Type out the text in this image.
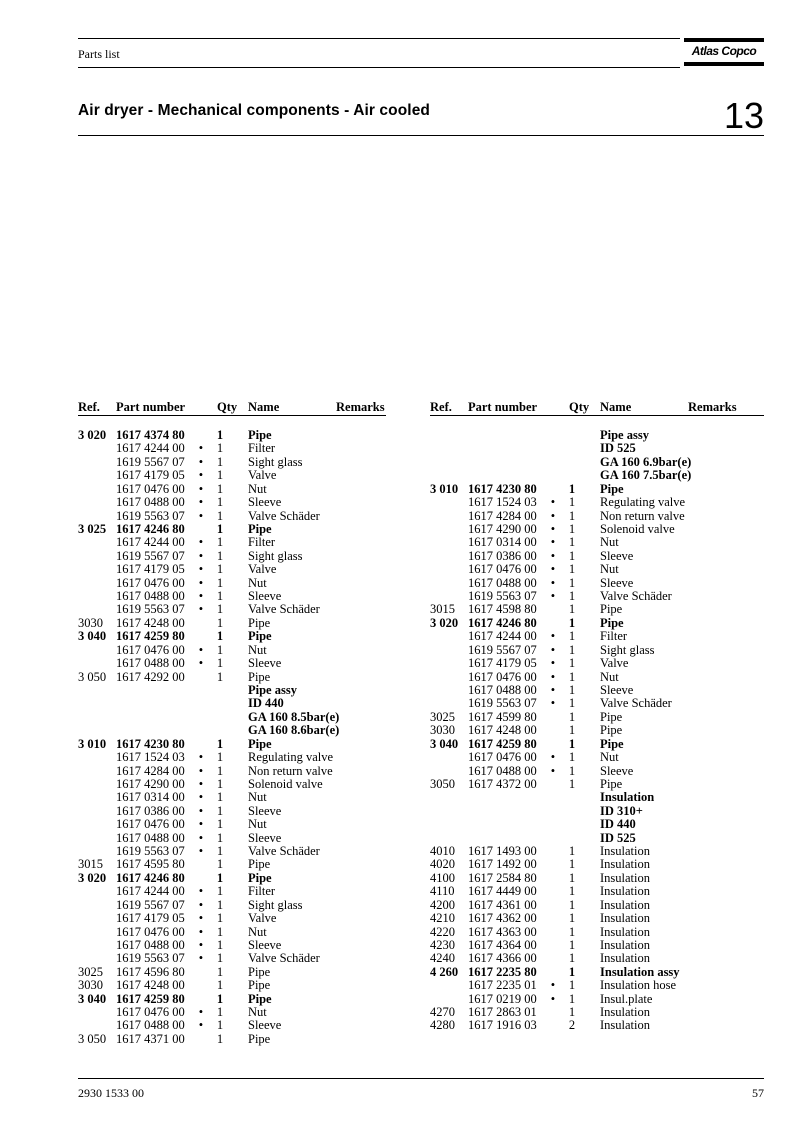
Parts list	Atlas Copco
Air dryer - Mechanical components - Air cooled	13
Ref. Part number	Qty Name	Remarks	Ref. Part number	Qty Name	Remarks
3 020 1617 4374 80	1	Pipe
1617 4244 00 •	1	Filter
1619 5567 07 •	1	Sight glass
1617 4179 05 •	1	Valve
1617 0476 00 •	1	Nut
1617 0488 00 •	1	Sleeve
1619 5563 07 •	1	Valve Schäder
3 025 1617 4246 80	1	Pipe
1617 4244 00 •	1	Filter
1619 5567 07 •	1	Sight glass
1617 4179 05 •	1	Valve
1617 0476 00 •	1	Nut
1617 0488 00 •	1	Sleeve
1619 5563 07 •	1	Valve Schäder
3030 1617 4248 00	1	Pipe
3 040 1617 4259 80	1	Pipe
1617 0476 00 •	1	Nut
1617 0488 00 •	1	Sleeve
3 050 1617 4292 00	1	Pipe
Pipe assy
ID 440
GA 160 8.5bar(e)
GA 160 8.6bar(e)
3 010 1617 4230 80	1	Pipe
1617 1524 03 •	1	Regulating valve
1617 4284 00 •	1	Non return valve
1617 4290 00 •	1	Solenoid valve
1617 0314 00 •	1	Nut
1617 0386 00 •	1	Sleeve
1617 0476 00 •	1	Nut
1617 0488 00 •	1	Sleeve
1619 5563 07 •	1	Valve Schäder
3015 1617 4595 80	1	Pipe
3 020 1617 4246 80	1	Pipe
1617 4244 00 •	1	Filter
1619 5567 07 •	1	Sight glass
1617 4179 05 •	1	Valve
1617 0476 00 •	1	Nut
1617 0488 00 •	1	Sleeve
1619 5563 07 •	1	Valve Schäder
3025 1617 4596 80	1	Pipe
3030 1617 4248 00	1	Pipe
3 040 1617 4259 80	1	Pipe
1617 0476 00 •	1	Nut
1617 0488 00 •	1	Sleeve
3 050 1617 4371 00	1	Pipe
Pipe assy
ID 525
GA 160 6.9bar(e)
GA 160 7.5bar(e)
3 010 1617 4230 80	1	Pipe
1617 1524 03 •	1	Regulating valve
1617 4284 00 •	1	Non return valve
1617 4290 00 •	1	Solenoid valve
1617 0314 00 •	1	Nut
1617 0386 00 •	1	Sleeve
1617 0476 00 •	1	Nut
1617 0488 00 •	1	Sleeve
1619 5563 07 •	1	Valve Schäder
3015 1617 4598 80	1	Pipe
3 020 1617 4246 80	1	Pipe
1617 4244 00 •	1	Filter
1619 5567 07 •	1	Sight glass
1617 4179 05 •	1	Valve
1617 0476 00 •	1	Nut
1617 0488 00 •	1	Sleeve
1619 5563 07 •	1	Valve Schäder
3025 1617 4599 80	1	Pipe
3030 1617 4248 00	1	Pipe
3 040 1617 4259 80	1	Pipe
1617 0476 00 •	1	Nut
1617 0488 00 •	1	Sleeve
3050 1617 4372 00	1	Pipe
Insulation
ID 310+
ID 440
ID 525
4010 1617 1493 00	1	Insulation
4020 1617 1492 00	1	Insulation
4100 1617 2584 80	1	Insulation
4110 1617 4449 00	1	Insulation
4200 1617 4361 00	1	Insulation
4210 1617 4362 00	1	Insulation
4220 1617 4363 00	1	Insulation
4230 1617 4364 00	1	Insulation
4240 1617 4366 00	1	Insulation
4 260 1617 2235 80	1	Insulation assy
1617 2235 01 •	1	Insulation hose
1617 0219 00 •	1	Insul.plate
4270 1617 2863 01	1	Insulation
4280 1617 1916 03	2	Insulation
2930 1533 00	57
